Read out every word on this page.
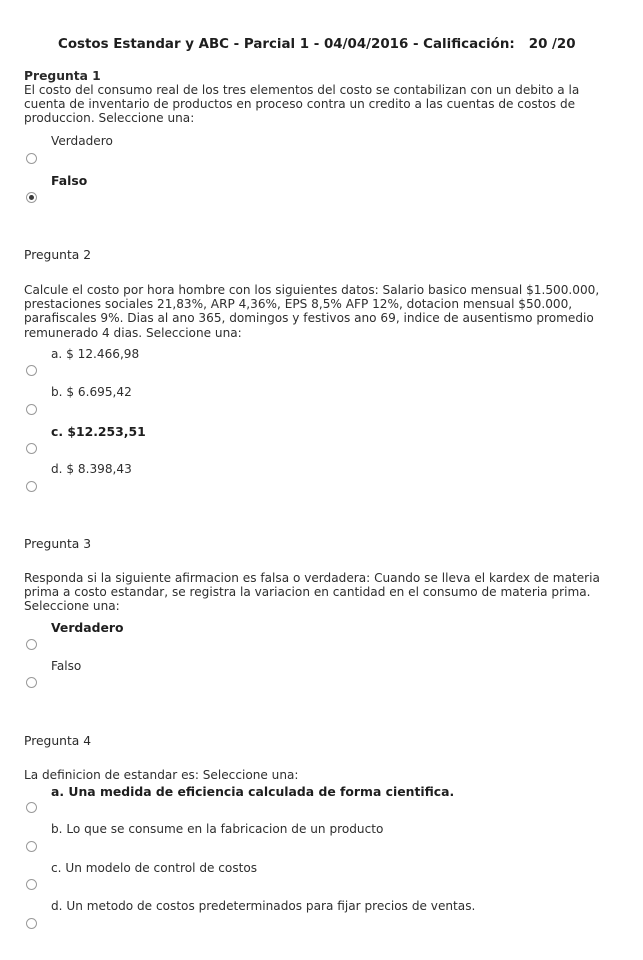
Costos Estandar y ABC - Parcial 1 - 04/04/2016 - Calificación: 20 /20
Pregunta 1
El costo del consumo real de los tres elementos del costo se contabilizan con un debito a la cuenta de inventario de productos en proceso contra un credito a las cuentas de costos de produccion. Seleccione una:
Verdadero
Falso
Pregunta 2
Calcule el costo por hora hombre con los siguientes datos: Salario basico mensual $1.500.000, prestaciones sociales 21,83%, ARP 4,36%, EPS 8,5% AFP 12%, dotacion mensual $50.000, parafiscales 9%. Dias al ano 365, domingos y festivos ano 69, indice de ausentismo promedio remunerado 4 dias. Seleccione una:
a. $ 12.466,98
b. $ 6.695,42
c. $12.253,51
d. $ 8.398,43
Pregunta 3
Responda si la siguiente afirmacion es falsa o verdadera: Cuando se lleva el kardex de materia prima a costo estandar, se registra la variacion en cantidad en el consumo de materia prima. Seleccione una:
Verdadero
Falso
Pregunta 4
La definicion de estandar es: Seleccione una:
a. Una medida de eficiencia calculada de forma cientifica.
b. Lo que se consume en la fabricacion de un producto
c. Un modelo de control de costos
d. Un metodo de costos predeterminados para fijar precios de ventas.
